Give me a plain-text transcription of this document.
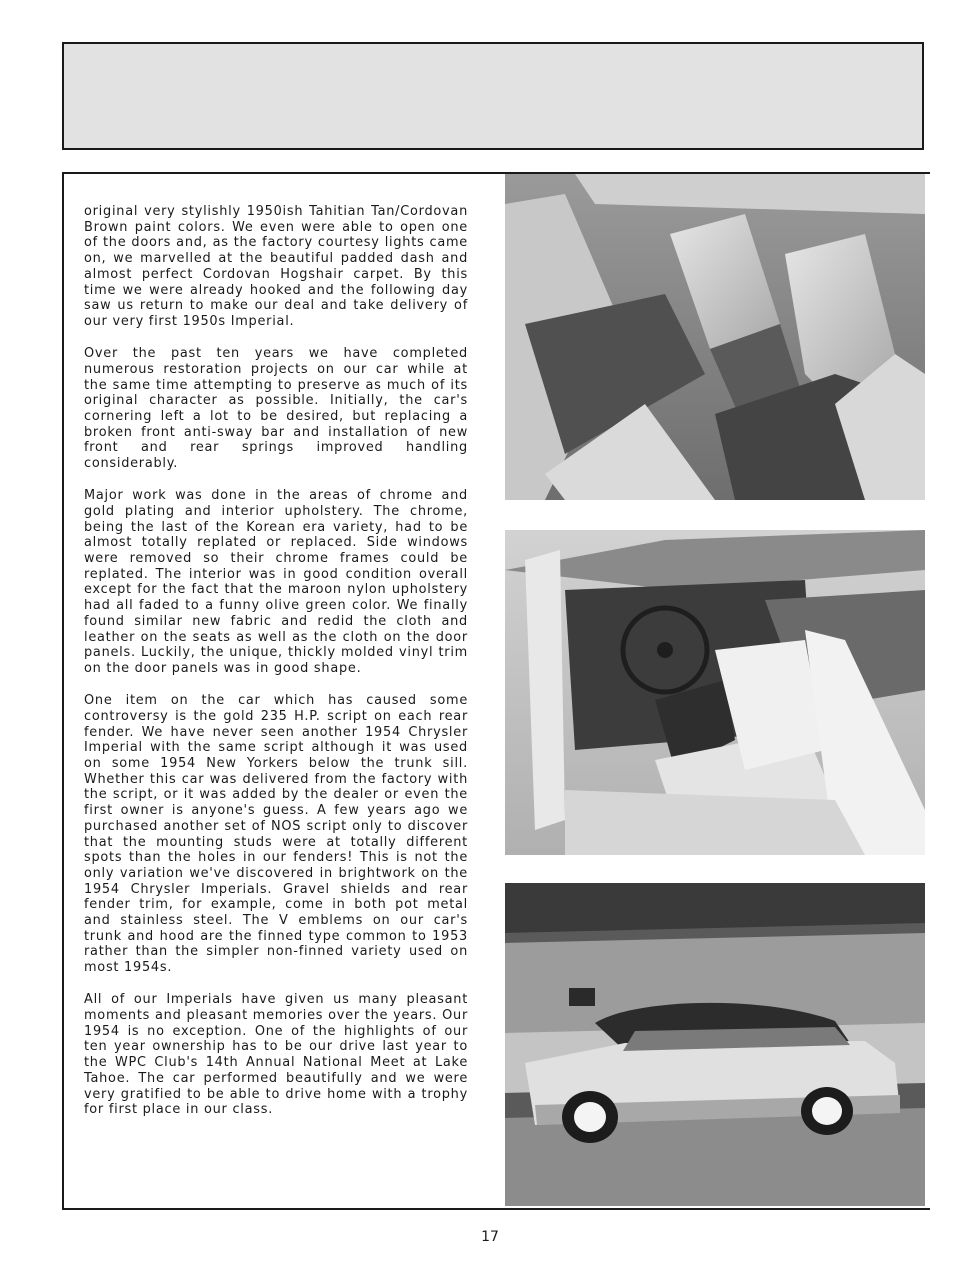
original very stylishly 1950ish Tahitian Tan/Cordovan Brown paint colors. We even were able to open one of the doors and, as the factory courtesy lights came on, we marvelled at the beautiful padded dash and almost perfect Cordovan Hogshair carpet. By this time we were already hooked and the following day saw us return to make our deal and take delivery of our very first 1950s Imperial.

Over the past ten years we have completed numerous restoration projects on our car while at the same time attempting to preserve as much of its original character as possible. Initially, the car's cornering left a lot to be desired, but replacing a broken front anti-sway bar and installation of new front and rear springs improved handling considerably.

Major work was done in the areas of chrome and gold plating and interior upholstery. The chrome, being the last of the Korean era variety, had to be almost totally replated or replaced. Side windows were removed so their chrome frames could be replated. The interior was in good condition overall except for the fact that the maroon nylon upholstery had all faded to a funny olive green color. We finally found similar new fabric and redid the cloth and leather on the seats as well as the cloth on the door panels. Luckily, the unique, thickly molded vinyl trim on the door panels was in good shape.

One item on the car which has caused some controversy is the gold 235 H.P. script on each rear fender. We have never seen another 1954 Chrysler Imperial with the same script although it was used on some 1954 New Yorkers below the trunk sill. Whether this car was delivered from the factory with the script, or it was added by the dealer or even the first owner is anyone's guess. A few years ago we purchased another set of NOS script only to discover that the mounting studs were at totally different spots than the holes in our fenders! This is not the only variation we've discovered in brightwork on the 1954 Chrysler Imperials. Gravel shields and rear fender trim, for example, come in both pot metal and stainless steel. The V emblems on our car's trunk and hood are the finned type common to 1953 rather than the simpler non-finned variety used on most 1954s.

All of our Imperials have given us many pleasant moments and pleasant memories over the years. Our 1954 is no exception. One of the highlights of our ten year ownership has to be our drive last year to the WPC Club's 14th Annual National Meet at Lake Tahoe. The car performed beautifully and we were very gratified to be able to drive home with a trophy for first place in our class.

17
